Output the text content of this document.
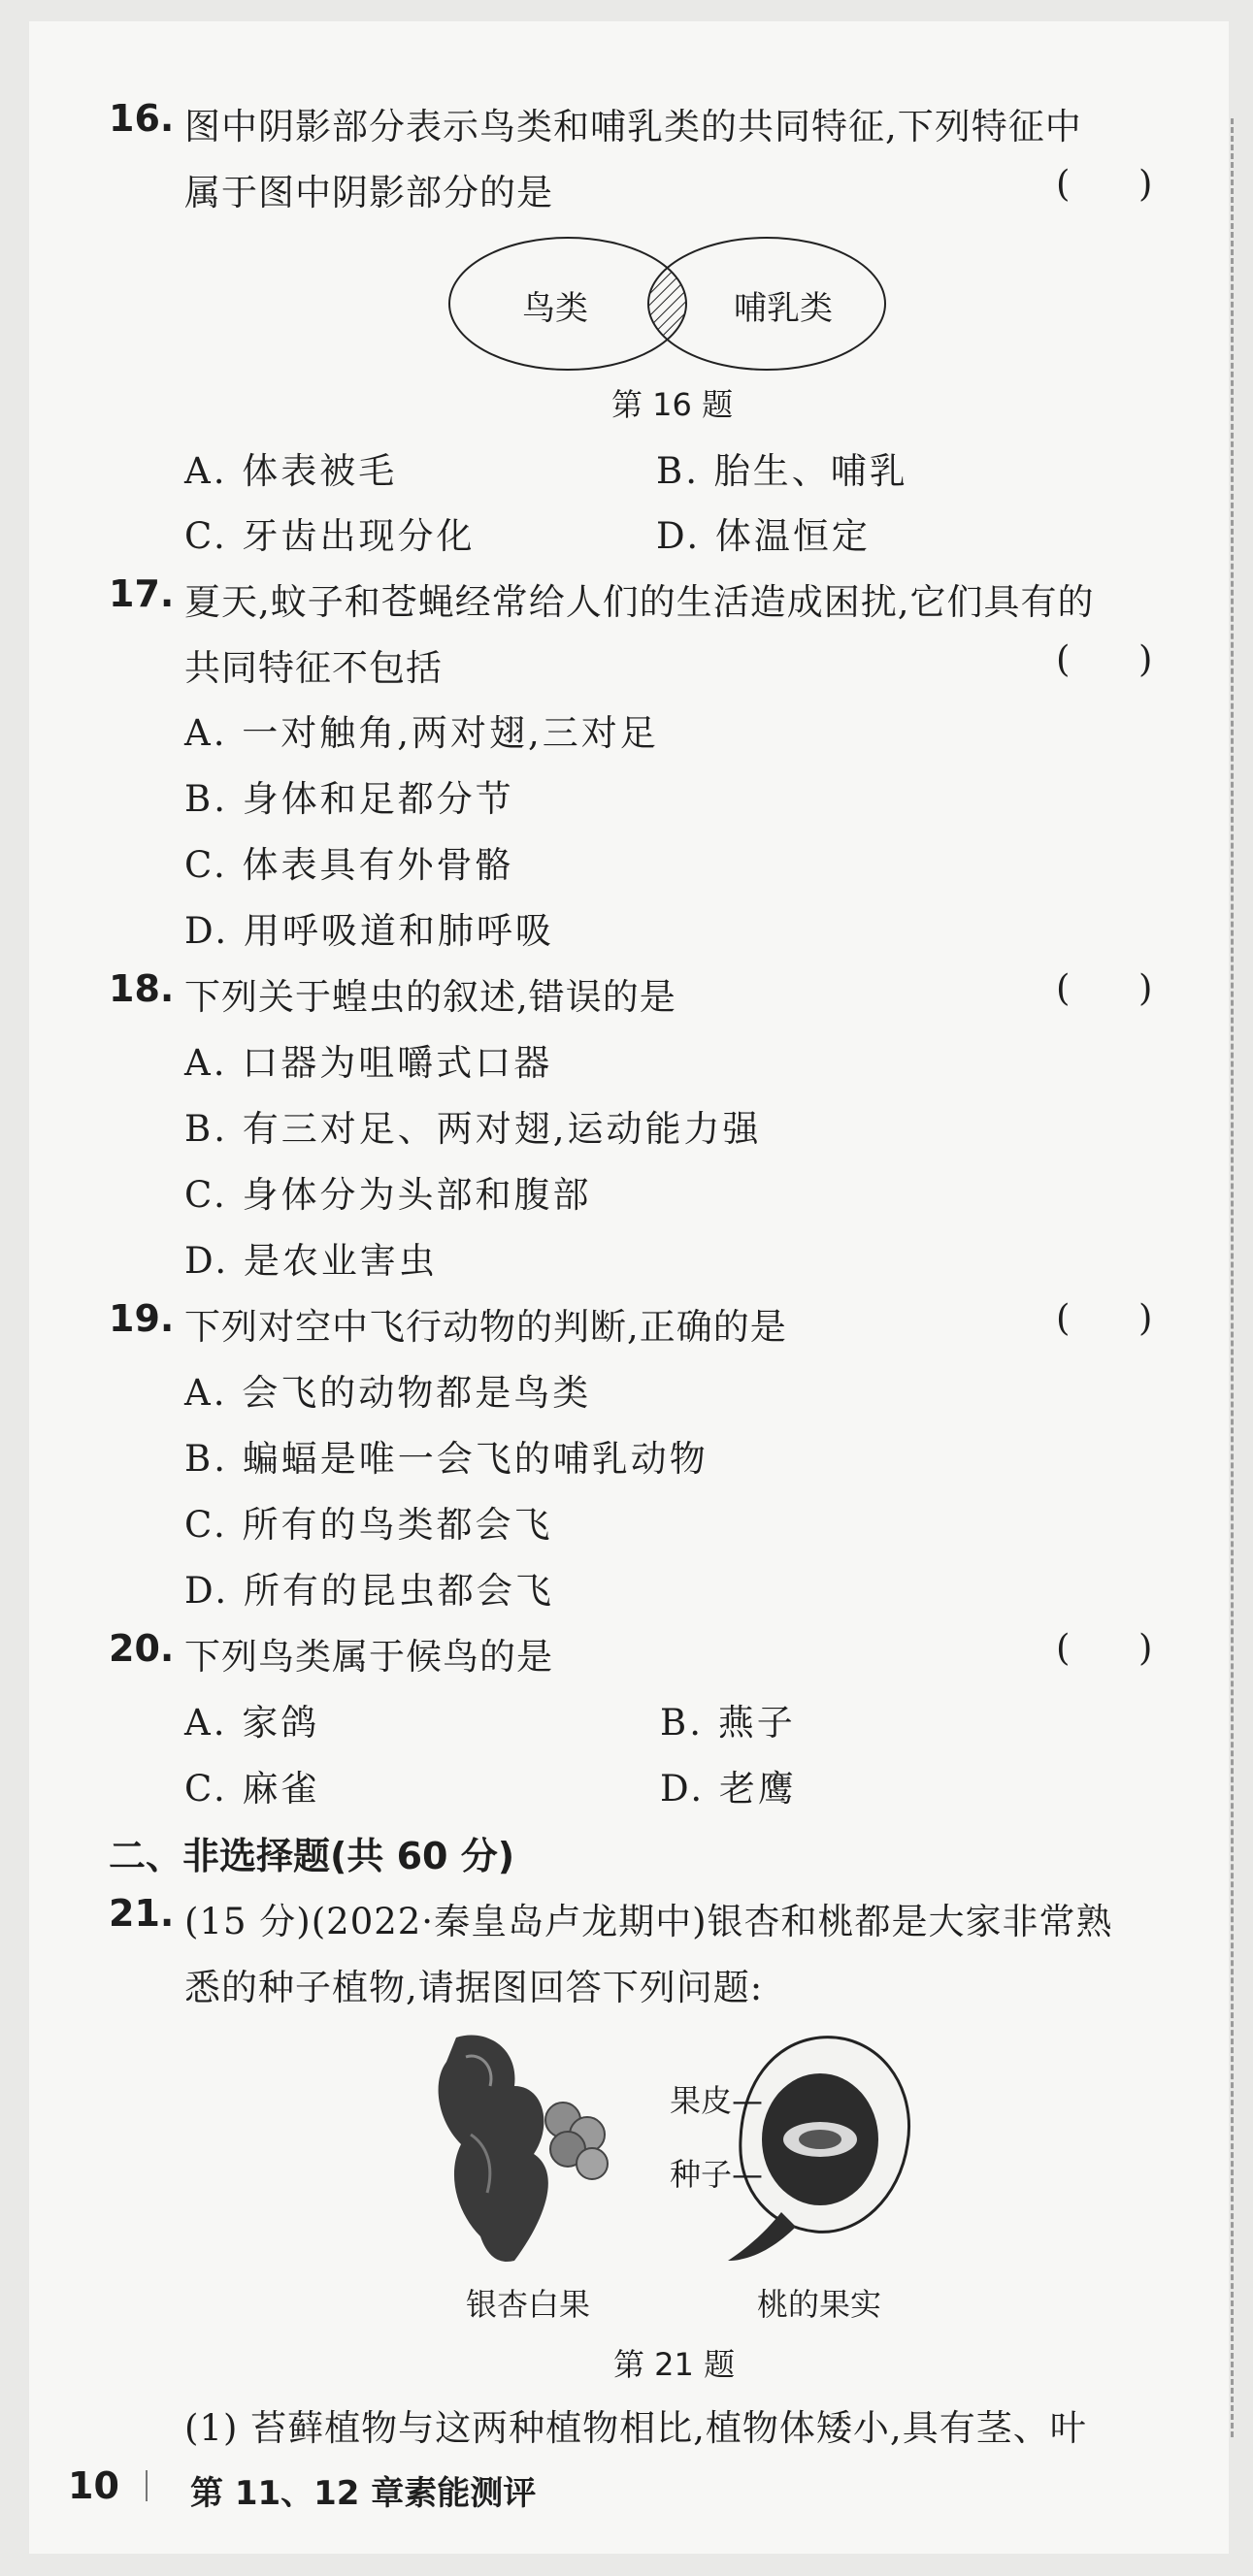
16. 图中阴影部分表示鸟类和哺乳类的共同特征,下列特征中
属于图中阴影部分的是	(      )
鸟类	哺乳类
第 16 题
A. 体表被毛	B. 胎生、哺乳
C. 牙齿出现分化	D. 体温恒定
17. 夏天,蚊子和苍蝇经常给人们的生活造成困扰,它们具有的
共同特征不包括	(      )
A. 一对触角,两对翅,三对足
B. 身体和足都分节
C. 体表具有外骨骼
D. 用呼吸道和肺呼吸
18. 下列关于蝗虫的叙述,错误的是	(      )
A. 口器为咀嚼式口器
B. 有三对足、两对翅,运动能力强
C. 身体分为头部和腹部
D. 是农业害虫
19. 下列对空中飞行动物的判断,正确的是	(      )
A. 会飞的动物都是鸟类
B. 蝙蝠是唯一会飞的哺乳动物
C. 所有的鸟类都会飞
D. 所有的昆虫都会飞
20. 下列鸟类属于候鸟的是	(      )
A. 家鸽	B. 燕子
C. 麻雀	D. 老鹰
二、非选择题(共 60 分)
21. (15 分)(2022·秦皇岛卢龙期中)银杏和桃都是大家非常熟
悉的种子植物,请据图回答下列问题:
果皮—
种子—
银杏白果	桃的果实
第 21 题
(1) 苔藓植物与这两种植物相比,植物体矮小,具有茎、叶
10 第 11、12 章素能测评
